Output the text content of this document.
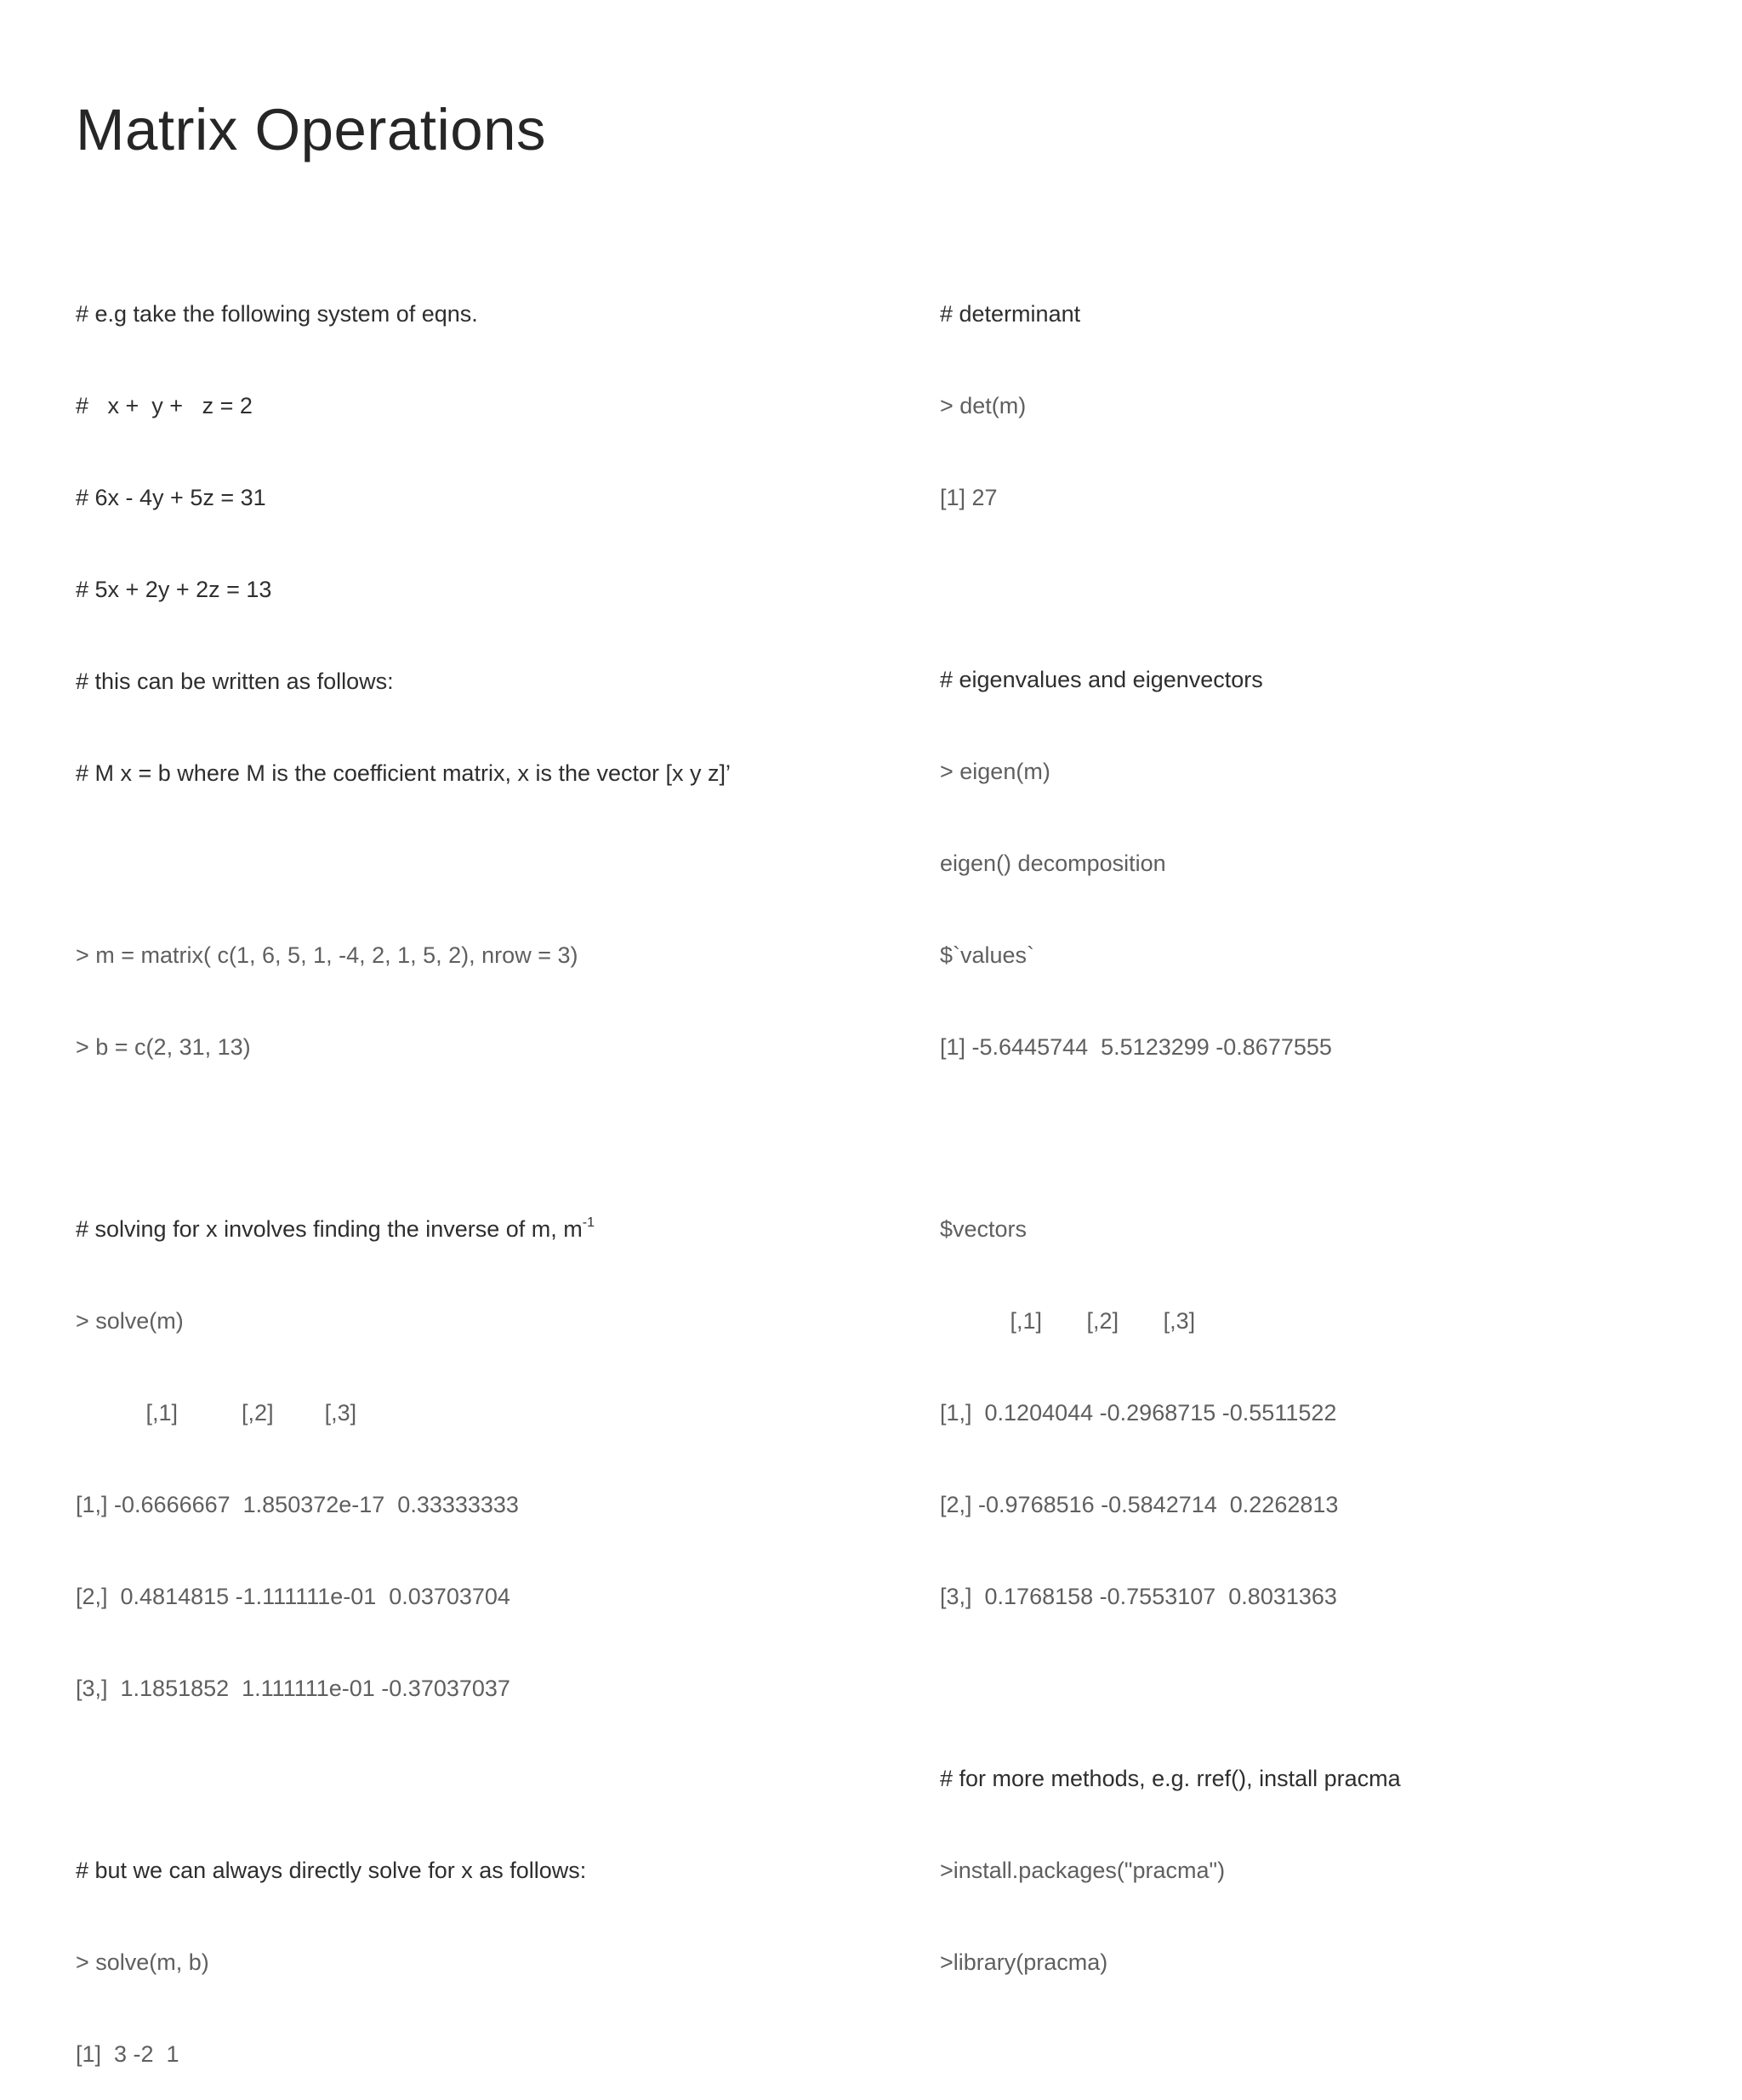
Matrix Operations

# e.g take the following system of eqns.

#   x +  y +   z = 2

# 6x - 4y + 5z = 31

# 5x + 2y + 2z = 13

# this can be written as follows:

# M x = b where M is the coefficient matrix, x is the vector [x y z]’

> m = matrix( c(1, 6, 5, 1, -4, 2, 1, 5, 2), nrow = 3)

> b = c(2, 31, 13)

# solving for x involves finding the inverse of m, $m^{-1}$

> solve(m)

[,1]          [,2]        [,3]

[1,] -0.6666667  1.850372e-17  0.33333333

[2,]  0.4814815 -1.111111e-01  0.03703704

[3,]  1.1851852  1.111111e-01 -0.37037037

# but we can always directly solve for x as follows:

> solve(m, b)

[1]  3 -2  1

# determinant

> det(m)

[1] 27

# eigenvalues and eigenvectors

> eigen(m)

eigen() decomposition

$`values`

[1] -5.6445744  5.5123299 -0.8677555

$vectors

[,1]       [,2]       [,3]

[1,]  0.1204044 -0.2968715 -0.5511522

[2,] -0.9768516 -0.5842714  0.2262813

[3,]  0.1768158 -0.7553107  0.8031363

# for more methods, e.g. rref(), install pracma

>install.packages("pracma")

>library(pracma)
